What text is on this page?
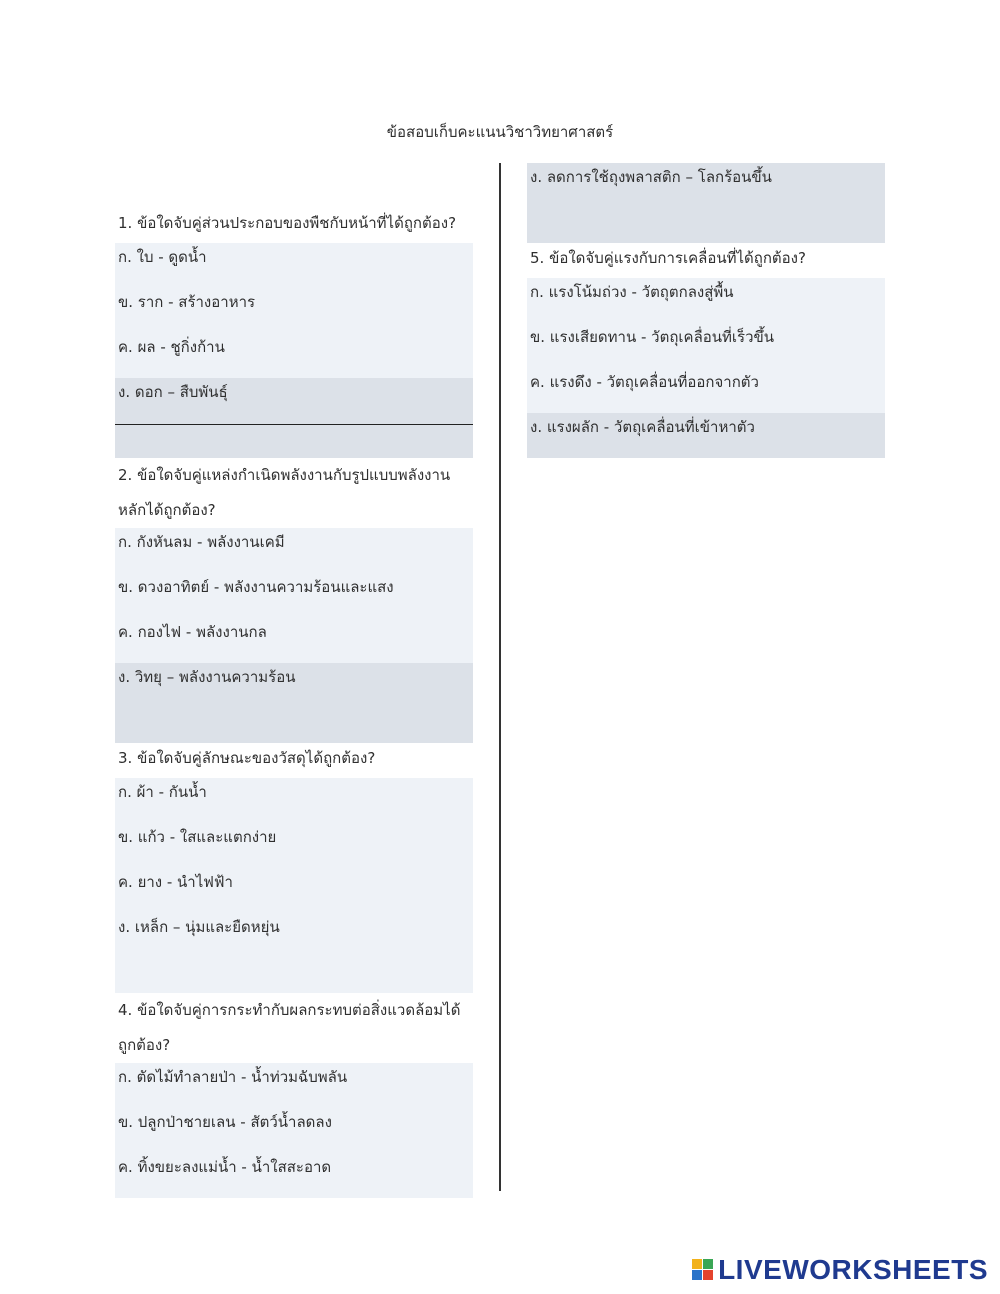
ข้อสอบเก็บคะแนนวิชาวิทยาศาสตร์
1. ข้อใดจับคู่ส่วนประกอบของพืชกับหน้าที่ได้ถูกต้อง?
ก. ใบ - ดูดน้ำ
ข. ราก - สร้างอาหาร
ค. ผล - ชูกิ่งก้าน
ง. ดอก – สืบพันธุ์
2. ข้อใดจับคู่แหล่งกำเนิดพลังงานกับรูปแบบพลังงานหลักได้ถูกต้อง?
ก. กังหันลม - พลังงานเคมี
ข. ดวงอาทิตย์ - พลังงานความร้อนและแสง
ค. กองไฟ - พลังงานกล
ง. วิทยุ – พลังงานความร้อน
3. ข้อใดจับคู่ลักษณะของวัสดุได้ถูกต้อง?
ก. ผ้า - กันน้ำ
ข. แก้ว - ใสและแตกง่าย
ค. ยาง - นำไฟฟ้า
ง. เหล็ก – นุ่มและยืดหยุ่น
4. ข้อใดจับคู่การกระทำกับผลกระทบต่อสิ่งแวดล้อมได้ถูกต้อง?
ก. ตัดไม้ทำลายป่า - น้ำท่วมฉับพลัน
ข. ปลูกป่าชายเลน - สัตว์น้ำลดลง
ค. ทิ้งขยะลงแม่น้ำ - น้ำใสสะอาด
ง. ลดการใช้ถุงพลาสติก – โลกร้อนขึ้น
5. ข้อใดจับคู่แรงกับการเคลื่อนที่ได้ถูกต้อง?
ก. แรงโน้มถ่วง - วัตถุตกลงสู่พื้น
ข. แรงเสียดทาน - วัตถุเคลื่อนที่เร็วขึ้น
ค. แรงดึง - วัตถุเคลื่อนที่ออกจากตัว
ง. แรงผลัก - วัตถุเคลื่อนที่เข้าหาตัว
LIVEWORKSHEETS
